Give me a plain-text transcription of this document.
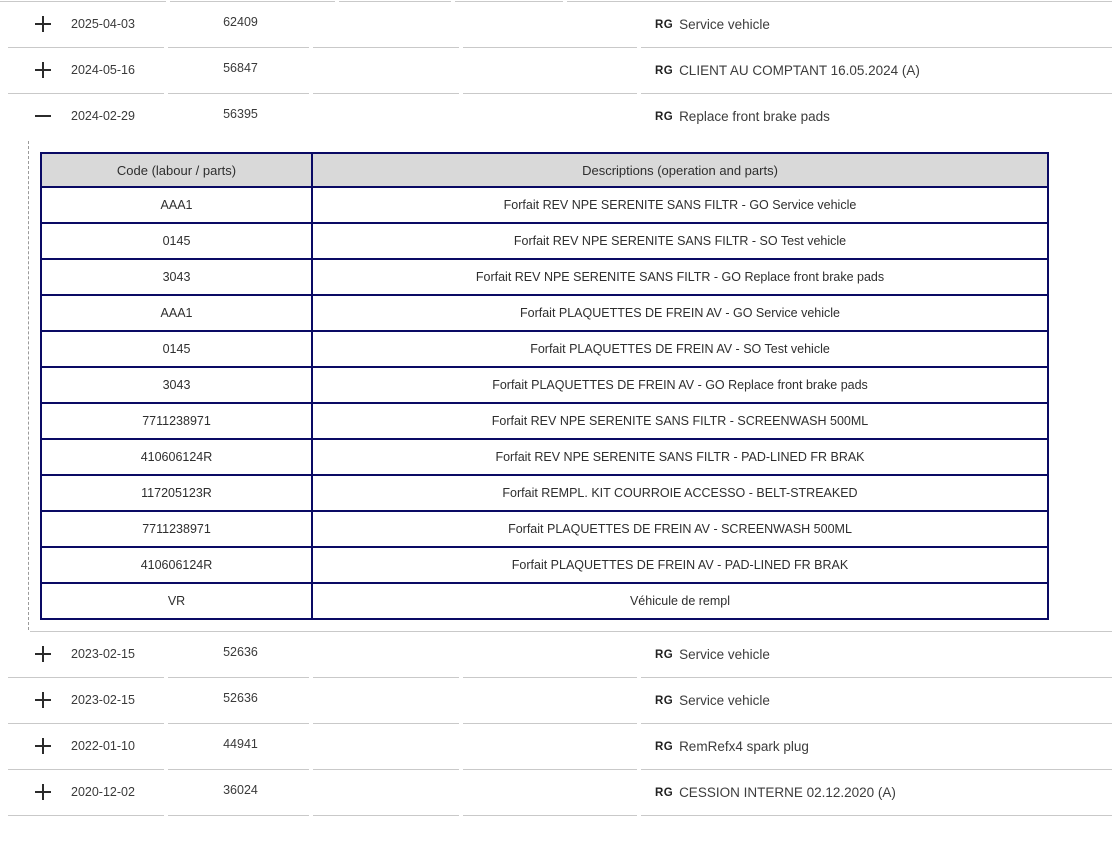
2025-04-03	62409	RG Service vehicle
2024-05-16	56847	RG CLIENT AU COMPTANT 16.05.2024 (A)
2024-02-29	56395	RG Replace front brake pads
Code (labour / parts)	Descriptions (operation and parts)
AAA1	Forfait REV NPE SERENITE SANS FILTR - GO Service vehicle
0145	Forfait REV NPE SERENITE SANS FILTR - SO Test vehicle
3043	Forfait REV NPE SERENITE SANS FILTR - GO Replace front brake pads
AAA1	Forfait PLAQUETTES DE FREIN AV - GO Service vehicle
0145	Forfait PLAQUETTES DE FREIN AV - SO Test vehicle
3043	Forfait PLAQUETTES DE FREIN AV - GO Replace front brake pads
7711238971	Forfait REV NPE SERENITE SANS FILTR - SCREENWASH 500ML
410606124R	Forfait REV NPE SERENITE SANS FILTR - PAD-LINED FR BRAK
117205123R	Forfait REMPL. KIT COURROIE ACCESSO - BELT-STREAKED
7711238971	Forfait PLAQUETTES DE FREIN AV - SCREENWASH 500ML
410606124R	Forfait PLAQUETTES DE FREIN AV - PAD-LINED FR BRAK
VR	Véhicule de rempl
2023-02-15	52636	RG Service vehicle
2023-02-15	52636	RG Service vehicle
2022-01-10	44941	RG RemRefx4 spark plug
2020-12-02	36024	RG CESSION INTERNE 02.12.2020 (A)
